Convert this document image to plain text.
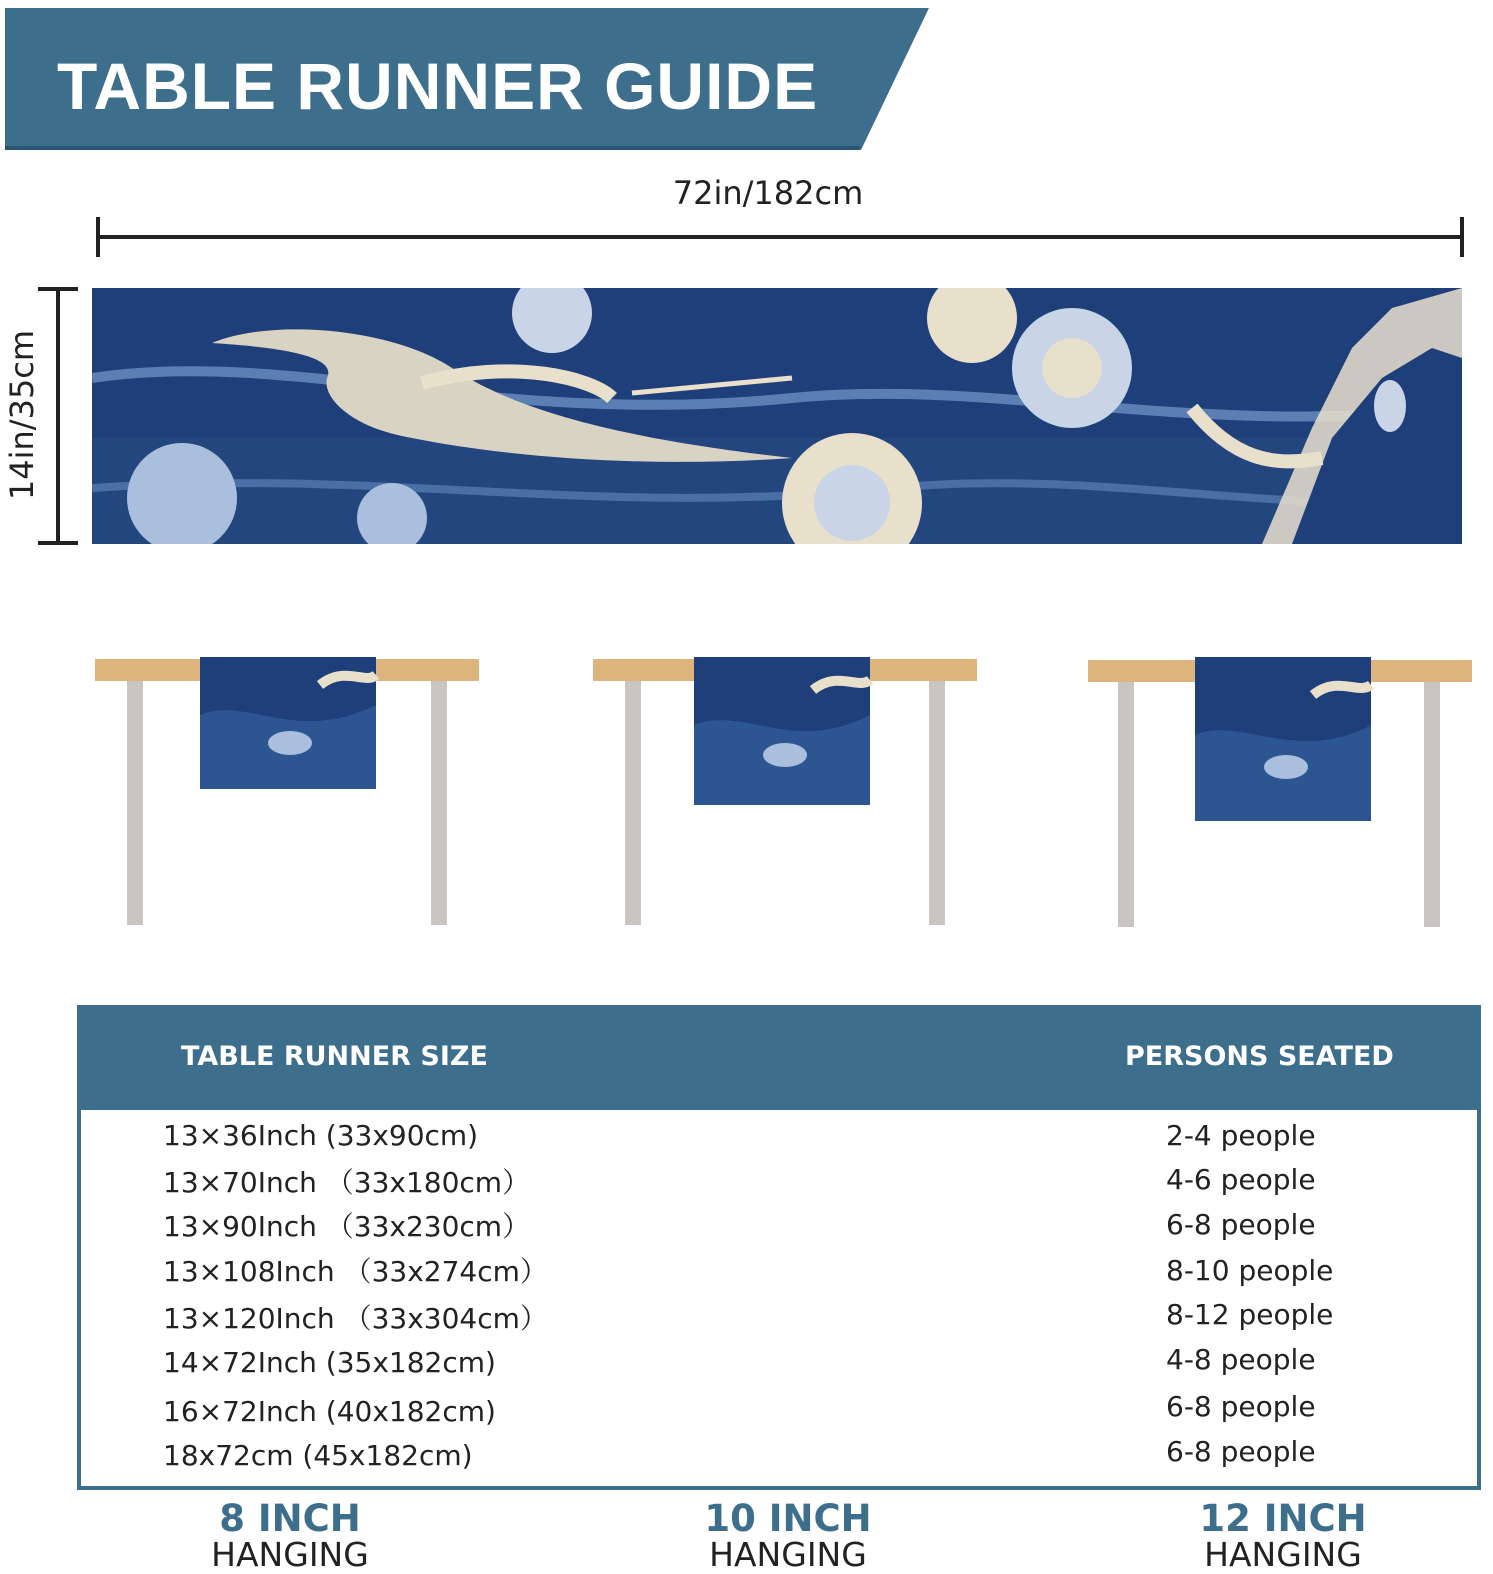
TABLE RUNNER GUIDE
72in/182cm
14in/35cm
8 INCH
HANGING
10 INCH
HANGING
12 INCH
HANGING
TABLE RUNNER SIZE	PERSONS SEATED
13×36Inch (33x90cm)	2-4 people
13×70Inch （33x180cm）	4-6 people
13×90Inch （33x230cm）	6-8 people
13×108Inch （33x274cm）	8-10 people
13×120Inch （33x304cm）	8-12 people
14×72Inch (35x182cm)	4-8 people
16×72Inch (40x182cm)	6-8 people
18x72cm (45x182cm)	6-8 people
